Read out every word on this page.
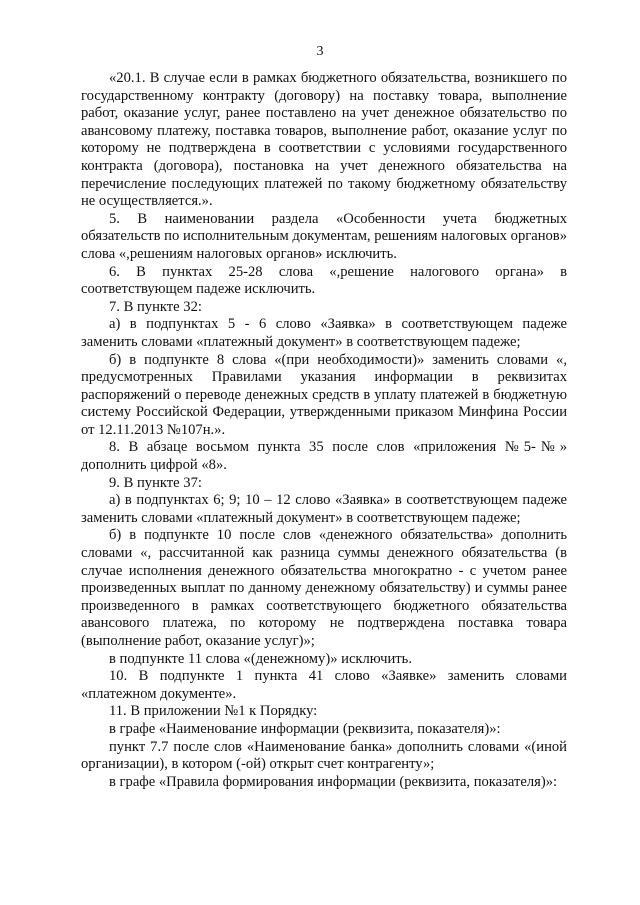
3

«20.1. В случае если в рамках бюджетного обязательства, возникшего по государственному контракту (договору) на поставку товара, выполнение работ, оказание услуг, ранее поставлено на учет денежное обязательство по авансовому платежу, поставка товаров, выполнение работ, оказание услуг по которому не подтверждена в соответствии с условиями государственного контракта (договора), постановка на учет денежного обязательства на перечисление последующих платежей по такому бюджетному обязательству не осуществляется.».

5. В наименовании раздела «Особенности учета бюджетных обязательств по исполнительным документам, решениям налоговых органов» слова «,решениям налоговых органов» исключить.

6. В пунктах 25-28 слова «,решение налогового органа» в соответствующем падеже исключить.

7. В пункте 32:

а) в подпунктах 5 - 6 слово «Заявка» в соответствующем падеже заменить словами «платежный документ» в соответствующем падеже;

б) в подпункте 8 слова «(при необходимости)» заменить словами «, предусмотренных Правилами указания информации в реквизитах распоряжений о переводе денежных средств в уплату платежей в бюджетную систему Российской Федерации, утвержденными приказом Минфина России от 12.11.2013 №107н.».

8. В абзаце восьмом пункта 35 после слов «приложения №5-№» дополнить цифрой «8».

9. В пункте 37:

а) в подпунктах 6; 9; 10 – 12 слово «Заявка» в соответствующем падеже заменить словами «платежный документ» в соответствующем падеже;

б) в подпункте 10 после слов «денежного обязательства» дополнить словами «, рассчитанной как разница суммы денежного обязательства (в случае исполнения денежного обязательства многократно - с учетом ранее произведенных выплат по данному денежному обязательству) и суммы ранее произведенного в рамках соответствующего бюджетного обязательства авансового платежа, по которому не подтверждена поставка товара (выполнение работ, оказание услуг)»;

в подпункте 11 слова «(денежному)» исключить.

10. В подпункте 1 пункта 41 слово «Заявке» заменить словами «платежном документе».

11. В приложении №1 к Порядку:

в графе «Наименование информации (реквизита, показателя)»:

пункт 7.7 после слов «Наименование банка» дополнить словами «(иной организации), в котором (-ой) открыт счет контрагенту»;

в графе «Правила формирования информации (реквизита, показателя)»:
